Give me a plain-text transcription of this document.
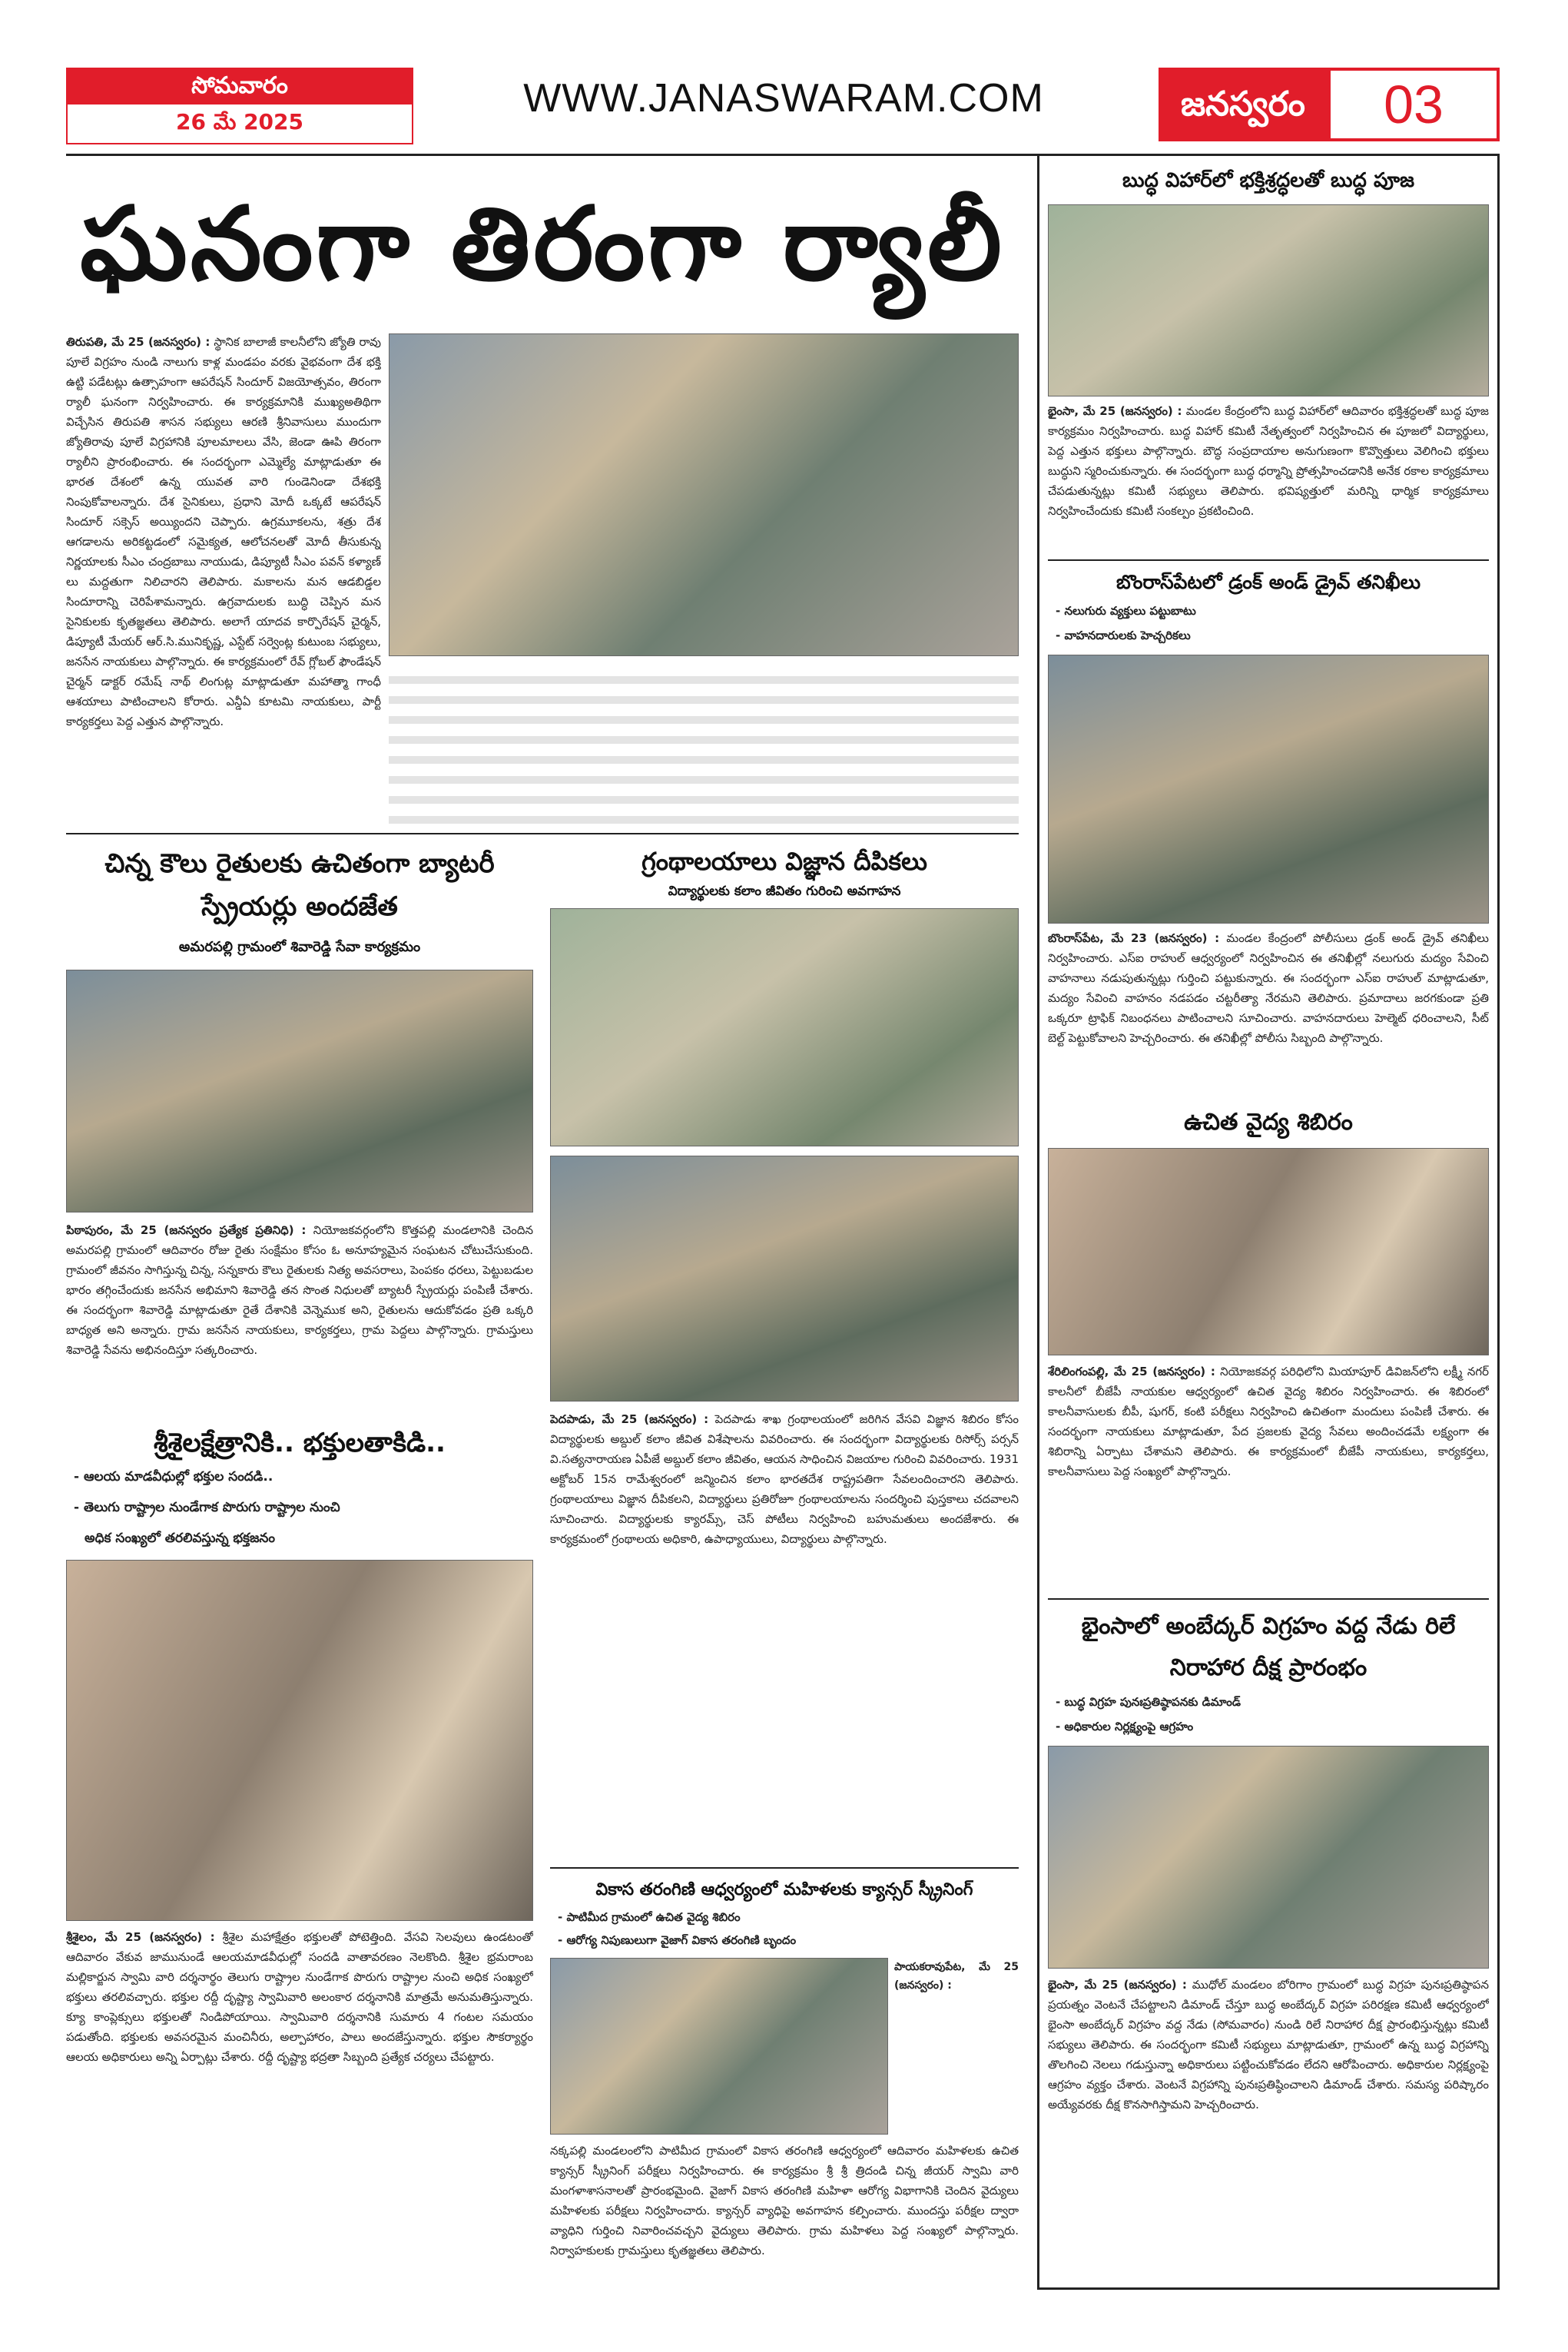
సోమవారం
26 మే 2025
WWW.JANASWARAM.COM	జనస్వరం	03
ఘనంగా తిరంగా ర్యాలీ
తిరుపతి, మే 25 (జనస్వరం) : స్థానిక బాలాజీ కాలనీలోని జ్యోతి రావు పూలే విగ్రహం నుండి నాలుగు కాళ్ల మండపం వరకు వైభవంగా దేశ భక్తి ఉట్టి పడేటట్లు ఉత్సాహంగా ఆపరేషన్ సిందూర్ విజయోత్సవం, తిరంగా ర్యాలీ ఘనంగా నిర్వహించారు. ఈ కార్యక్రమానికి ముఖ్యఅతిథిగా విచ్చేసిన తిరుపతి శాసన సభ్యులు ఆరణి శ్రీనివాసులు ముందుగా జ్యోతిరావు పూలే విగ్రహానికి పూలమాలలు వేసి, జెండా ఊపి తిరంగా ర్యాలీని ప్రారంభించారు. ఈ సందర్భంగా ఎమ్మెల్యే మాట్లాడుతూ ఈ భారత దేశంలో ఉన్న యువత వారి గుండెనిండా దేశభక్తి నింపుకోవాలన్నారు. దేశ సైనికులు, ప్రధాని మోదీ ఒక్కటే ఆపరేషన్ సిందూర్ సక్సెస్ అయ్యిందని చెప్పారు. ఉగ్రమూకలను, శత్రు దేశ ఆగడాలను అరికట్టడంలో సమైక్యత, ఆలోచనలతో మోదీ తీసుకున్న నిర్ణయాలకు సీఎం చంద్రబాబు నాయుడు, డిప్యూటీ సీఎం పవన్ కళ్యాణ్ లు మద్దతుగా నిలిచారని తెలిపారు. మకాలను మన ఆడబిడ్డల సిందూరాన్ని చెరిపేశామన్నారు. ఉగ్రవాదులకు బుద్ధి చెప్పిన మన సైనికులకు కృతజ్ఞతలు తెలిపారు. అలాగే యాదవ కార్పొరేషన్ చైర్మన్, డిప్యూటీ మేయర్ ఆర్.సి.మునికృష్ణ, ఎస్టేట్ సర్వెంట్ల కుటుంబ సభ్యులు, జనసేన నాయకులు పాల్గొన్నారు. ఈ కార్యక్రమంలో రేవ్ గ్లోబల్ ఫౌండేషన్ చైర్మన్ డాక్టర్ రమేష్ నాథ్ లింగుట్ల మాట్లాడుతూ మహాత్మా గాంధీ ఆశయాలు పాటించాలని కోరారు. ఎన్డీఏ కూటమి నాయకులు, పార్టీ కార్యకర్తలు పెద్ద ఎత్తున పాల్గొన్నారు.
చిన్న కౌలు రైతులకు ఉచితంగా బ్యాటరీ స్ప్రేయర్లు అందజేత
అమరపల్లి గ్రామంలో శివారెడ్డి సేవా కార్యక్రమం
పిఠాపురం, మే 25 (జనస్వరం ప్రత్యేక ప్రతినిధి) : నియోజకవర్గంలోని కొత్తపల్లి మండలానికి చెందిన అమరపల్లి గ్రామంలో ఆదివారం రోజు రైతు సంక్షేమం కోసం ఓ అనూహ్యమైన సంఘటన చోటుచేసుకుంది. గ్రామంలో జీవనం సాగిస్తున్న చిన్న, సన్నకారు కౌలు రైతులకు నిత్య అవసరాలు, పెంపకం ధరలు, పెట్టుబడుల భారం తగ్గించేందుకు జనసేన అభిమాని శివారెడ్డి తన సొంత నిధులతో బ్యాటరీ స్ప్రేయర్లు పంపిణీ చేశారు. ఈ సందర్భంగా శివారెడ్డి మాట్లాడుతూ రైతే దేశానికి వెన్నెముక అని, రైతులను ఆదుకోవడం ప్రతి ఒక్కరి బాధ్యత అని అన్నారు. గ్రామ జనసేన నాయకులు, కార్యకర్తలు, గ్రామ పెద్దలు పాల్గొన్నారు. గ్రామస్తులు శివారెడ్డి సేవను అభినందిస్తూ సత్కరించారు.
శ్రీశైలక్షేత్రానికి.. భక్తులతాకిడి..
- ఆలయ మాడవీధుల్లో భక్తుల సందడి..
- తెలుగు రాష్ట్రాల నుండేగాక పొరుగు రాష్ట్రాల నుంచి
అధిక సంఖ్యలో తరలివస్తున్న భక్తజనం
శ్రీశైలం, మే 25 (జనస్వరం) : శ్రీశైల మహాక్షేత్రం భక్తులతో పోటెత్తింది. వేసవి సెలవులు ఉండటంతో ఆదివారం వేకువ జామునుండే ఆలయమాడవీధుల్లో సందడి వాతావరణం నెలకొంది. శ్రీశైల భ్రమరాంబ మల్లికార్జున స్వామి వారి దర్శనార్థం తెలుగు రాష్ట్రాల నుండేగాక పొరుగు రాష్ట్రాల నుంచి అధిక సంఖ్యలో భక్తులు తరలివచ్చారు. భక్తుల రద్దీ దృష్ట్యా స్వామివారి అలంకార దర్శనానికి మాత్రమే అనుమతిస్తున్నారు. క్యూ కాంప్లెక్సులు భక్తులతో నిండిపోయాయి. స్వామివారి దర్శనానికి సుమారు 4 గంటల సమయం పడుతోంది. భక్తులకు అవసరమైన మంచినీరు, అల్పాహారం, పాలు అందజేస్తున్నారు. భక్తుల సౌకర్యార్థం ఆలయ అధికారులు అన్ని ఏర్పాట్లు చేశారు. రద్దీ దృష్ట్యా భద్రతా సిబ్బంది ప్రత్యేక చర్యలు చేపట్టారు.
గ్రంథాలయాలు విజ్ఞాన దీపికలు
విద్యార్థులకు కలాం జీవితం గురించి అవగాహన
పెదపాడు, మే 25 (జనస్వరం) : పెదపాడు శాఖ గ్రంథాలయంలో జరిగిన వేసవి విజ్ఞాన శిబిరం కోసం విద్యార్థులకు అబ్దుల్ కలాం జీవిత విశేషాలను వివరించారు. ఈ సందర్భంగా విద్యార్థులకు రిసోర్స్ పర్సన్ వి.సత్యనారాయణ ఏపీజే అబ్దుల్ కలాం జీవితం, ఆయన సాధించిన విజయాల గురించి వివరించారు. 1931 అక్టోబర్ 15న రామేశ్వరంలో జన్మించిన కలాం భారతదేశ రాష్ట్రపతిగా సేవలందించారని తెలిపారు. గ్రంథాలయాలు విజ్ఞాన దీపికలని, విద్యార్థులు ప్రతిరోజూ గ్రంథాలయాలను సందర్శించి పుస్తకాలు చదవాలని సూచించారు. విద్యార్థులకు క్యారమ్స్, చెస్ పోటీలు నిర్వహించి బహుమతులు అందజేశారు. ఈ కార్యక్రమంలో గ్రంథాలయ అధికారి, ఉపాధ్యాయులు, విద్యార్థులు పాల్గొన్నారు.
వికాస తరంగిణి ఆధ్వర్యంలో మహిళలకు క్యాన్సర్ స్క్రీనింగ్
- పాటిమీద గ్రామంలో ఉచిత వైద్య శిబిరం
- ఆరోగ్య నిపుణులుగా వైజాగ్ వికాస తరంగిణి బృందం
పాయకరావుపేట, మే 25 (జనస్వరం) :
నక్కపల్లి మండలంలోని పాటిమీద గ్రామంలో వికాస తరంగిణి ఆధ్వర్యంలో ఆదివారం మహిళలకు ఉచిత క్యాన్సర్ స్క్రీనింగ్ పరీక్షలు నిర్వహించారు. ఈ కార్యక్రమం శ్రీ శ్రీ త్రిదండి చిన్న జీయర్ స్వామి వారి మంగళాశాసనాలతో ప్రారంభమైంది. వైజాగ్ వికాస తరంగిణి మహిళా ఆరోగ్య విభాగానికి చెందిన వైద్యులు మహిళలకు పరీక్షలు నిర్వహించారు. క్యాన్సర్ వ్యాధిపై అవగాహన కల్పించారు. ముందస్తు పరీక్షల ద్వారా వ్యాధిని గుర్తించి నివారించవచ్చని వైద్యులు తెలిపారు. గ్రామ మహిళలు పెద్ద సంఖ్యలో పాల్గొన్నారు. నిర్వాహకులకు గ్రామస్తులు కృతజ్ఞతలు తెలిపారు.
బుద్ధ విహార్‌లో భక్తిశ్రద్ధలతో బుద్ధ పూజ
భైంసా, మే 25 (జనస్వరం) : మండల కేంద్రంలోని బుద్ధ విహార్‌లో ఆదివారం భక్తిశ్రద్ధలతో బుద్ధ పూజ కార్యక్రమం నిర్వహించారు. బుద్ధ విహార్ కమిటీ నేతృత్వంలో నిర్వహించిన ఈ పూజలో విద్యార్థులు, పెద్ద ఎత్తున భక్తులు పాల్గొన్నారు. బౌద్ధ సంప్రదాయాల అనుగుణంగా కొవ్వొత్తులు వెలిగించి భక్తులు బుద్ధుని స్మరించుకున్నారు. ఈ సందర్భంగా బుద్ధ ధర్మాన్ని ప్రోత్సహించడానికి అనేక రకాల కార్యక్రమాలు చేపడుతున్నట్లు కమిటీ సభ్యులు తెలిపారు. భవిష్యత్తులో మరిన్ని ధార్మిక కార్యక్రమాలు నిర్వహించేందుకు కమిటీ సంకల్పం ప్రకటించింది.
బొంరాస్‌పేటలో డ్రంక్ అండ్ డ్రైవ్ తనిఖీలు
- నలుగురు వ్యక్తులు పట్టుబాటు
- వాహనదారులకు హెచ్చరికలు
బొంరాస్‌పేట, మే 23 (జనస్వరం) : మండల కేంద్రంలో పోలీసులు డ్రంక్ అండ్ డ్రైవ్ తనిఖీలు నిర్వహించారు. ఎస్ఐ రాహుల్ ఆధ్వర్యంలో నిర్వహించిన ఈ తనిఖీల్లో నలుగురు మద్యం సేవించి వాహనాలు నడుపుతున్నట్లు గుర్తించి పట్టుకున్నారు. ఈ సందర్భంగా ఎస్ఐ రాహుల్ మాట్లాడుతూ, మద్యం సేవించి వాహనం నడపడం చట్టరీత్యా నేరమని తెలిపారు. ప్రమాదాలు జరగకుండా ప్రతి ఒక్కరూ ట్రాఫిక్ నిబంధనలు పాటించాలని సూచించారు. వాహనదారులు హెల్మెట్ ధరించాలని, సీట్ బెల్ట్ పెట్టుకోవాలని హెచ్చరించారు. ఈ తనిఖీల్లో పోలీసు సిబ్బంది పాల్గొన్నారు.
ఉచిత వైద్య శిబిరం
శేరిలింగంపల్లి, మే 25 (జనస్వరం) : నియోజకవర్గ పరిధిలోని మియాపూర్ డివిజన్‌లోని లక్ష్మీ నగర్ కాలనీలో బీజేపీ నాయకుల ఆధ్వర్యంలో ఉచిత వైద్య శిబిరం నిర్వహించారు. ఈ శిబిరంలో కాలనీవాసులకు బీపీ, షుగర్, కంటి పరీక్షలు నిర్వహించి ఉచితంగా మందులు పంపిణీ చేశారు. ఈ సందర్భంగా నాయకులు మాట్లాడుతూ, పేద ప్రజలకు వైద్య సేవలు అందించడమే లక్ష్యంగా ఈ శిబిరాన్ని ఏర్పాటు చేశామని తెలిపారు. ఈ కార్యక్రమంలో బీజేపీ నాయకులు, కార్యకర్తలు, కాలనీవాసులు పెద్ద సంఖ్యలో పాల్గొన్నారు.
భైంసాలో అంబేద్కర్ విగ్రహం వద్ద నేడు రిలే నిరాహార దీక్ష ప్రారంభం
- బుద్ధ విగ్రహ పునఃప్రతిష్ఠాపనకు డిమాండ్
- అధికారుల నిర్లక్ష్యంపై ఆగ్రహం
భైంసా, మే 25 (జనస్వరం) : ముధోల్ మండలం బోరిగాం గ్రామంలో బుద్ధ విగ్రహ పునఃప్రతిష్ఠాపన ప్రయత్నం వెంటనే చేపట్టాలని డిమాండ్ చేస్తూ బుద్ధ అంబేద్కర్ విగ్రహ పరిరక్షణ కమిటీ ఆధ్వర్యంలో భైంసా అంబేద్కర్ విగ్రహం వద్ద నేడు (సోమవారం) నుండి రిలే నిరాహార దీక్ష ప్రారంభిస్తున్నట్లు కమిటీ సభ్యులు తెలిపారు. ఈ సందర్భంగా కమిటీ సభ్యులు మాట్లాడుతూ, గ్రామంలో ఉన్న బుద్ధ విగ్రహాన్ని తొలగించి నెలలు గడుస్తున్నా అధికారులు పట్టించుకోవడం లేదని ఆరోపించారు. అధికారుల నిర్లక్ష్యంపై ఆగ్రహం వ్యక్తం చేశారు. వెంటనే విగ్రహాన్ని పునఃప్రతిష్ఠించాలని డిమాండ్ చేశారు. సమస్య పరిష్కారం అయ్యేవరకు దీక్ష కొనసాగిస్తామని హెచ్చరించారు.
